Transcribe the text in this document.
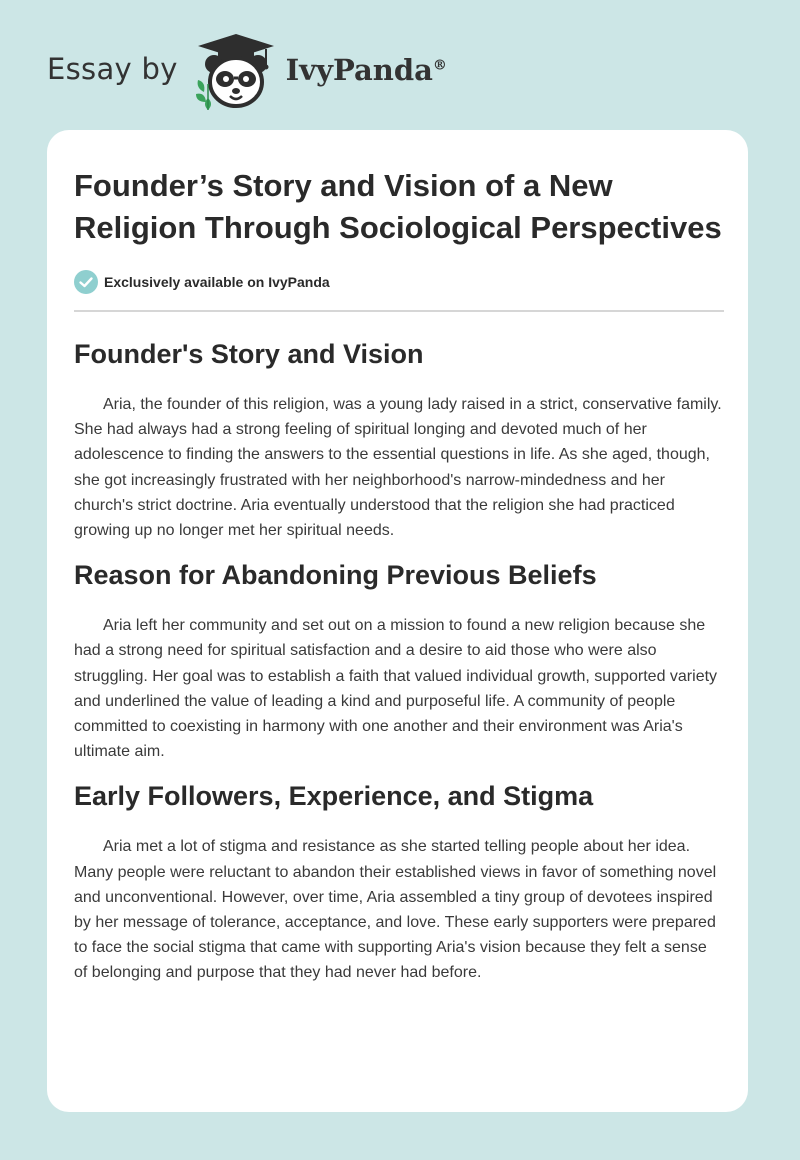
Essay by	IvyPanda®
Founder’s Story and Vision of a New Religion Through Sociological Perspectives
Exclusively available on IvyPanda
Founder's Story and Vision

Aria, the founder of this religion, was a young lady raised in a strict, conservative family. She had always had a strong feeling of spiritual longing and devoted much of her adolescence to finding the answers to the essential questions in life. As she aged, though, she got increasingly frustrated with her neighborhood's narrow-mindedness and her church's strict doctrine. Aria eventually understood that the religion she had practiced growing up no longer met her spiritual needs.

Reason for Abandoning Previous Beliefs

Aria left her community and set out on a mission to found a new religion because she had a strong need for spiritual satisfaction and a desire to aid those who were also struggling. Her goal was to establish a faith that valued individual growth, supported variety and underlined the value of leading a kind and purposeful life. A community of people committed to coexisting in harmony with one another and their environment was Aria's ultimate aim.

Early Followers, Experience, and Stigma

Aria met a lot of stigma and resistance as she started telling people about her idea. Many people were reluctant to abandon their established views in favor of something novel and unconventional. However, over time, Aria assembled a tiny group of devotees inspired by her message of tolerance, acceptance, and love. These early supporters were prepared to face the social stigma that came with supporting Aria's vision because they felt a sense of belonging and purpose that they had never had before.
